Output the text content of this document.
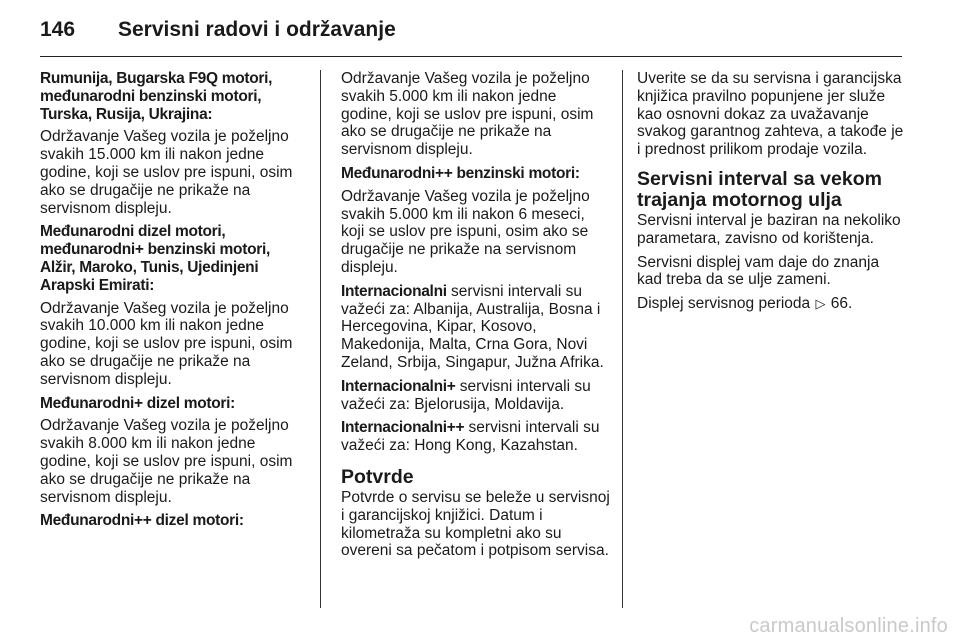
146 Servisni radovi i održavanje
Rumunija, Bugarska F9Q motori, međunarodni benzinski motori, Turska, Rusija, Ukrajina:
Održavanje Vašeg vozila je poželjno svakih 15.000 km ili nakon jedne godine, koji se uslov pre ispuni, osim ako se drugačije ne prikaže na servisnom displeju.
Međunarodni dizel motori, međunarodni+ benzinski motori, Alžir, Maroko, Tunis, Ujedinjeni Arapski Emirati:
Održavanje Vašeg vozila je poželjno svakih 10.000 km ili nakon jedne godine, koji se uslov pre ispuni, osim ako se drugačije ne prikaže na servisnom displeju.
Međunarodni+ dizel motori:
Održavanje Vašeg vozila je poželjno svakih 8.000 km ili nakon jedne godine, koji se uslov pre ispuni, osim ako se drugačije ne prikaže na servisnom displeju.
Međunarodni++ dizel motori:
Održavanje Vašeg vozila je poželjno svakih 5.000 km ili nakon jedne godine, koji se uslov pre ispuni, osim ako se drugačije ne prikaže na servisnom displeju.
Međunarodni++ benzinski motori:
Održavanje Vašeg vozila je poželjno svakih 5.000 km ili nakon 6 meseci, koji se uslov pre ispuni, osim ako se drugačije ne prikaže na servisnom displeju.
Internacionalni servisni intervali su važeći za: Albanija, Australija, Bosna i Hercegovina, Kipar, Kosovo, Makedonija, Malta, Crna Gora, Novi Zeland, Srbija, Singapur, Južna Afrika.
Internacionalni+ servisni intervali su važeći za: Bjelorusija, Moldavija.
Internacionalni++ servisni intervali su važeći za: Hong Kong, Kazahstan.
Potvrde
Potvrde o servisu se beleže u servisnoj i garancijskoj knjižici. Datum i kilometraža su kompletni ako su overeni sa pečatom i potpisom servisa.
Uverite se da su servisna i garancijska knjižica pravilno popunjene jer služe kao osnovni dokaz za uvažavanje svakog garantnog zahteva, a takođe je i prednost prilikom prodaje vozila.
Servisni interval sa vekom trajanja motornog ulja
Servisni interval je baziran na nekoliko parametara, zavisno od korištenja.
Servisni displej vam daje do znanja kad treba da se ulje zameni.
Displej servisnog perioda ▷ 66.
carmanualsonline.info
